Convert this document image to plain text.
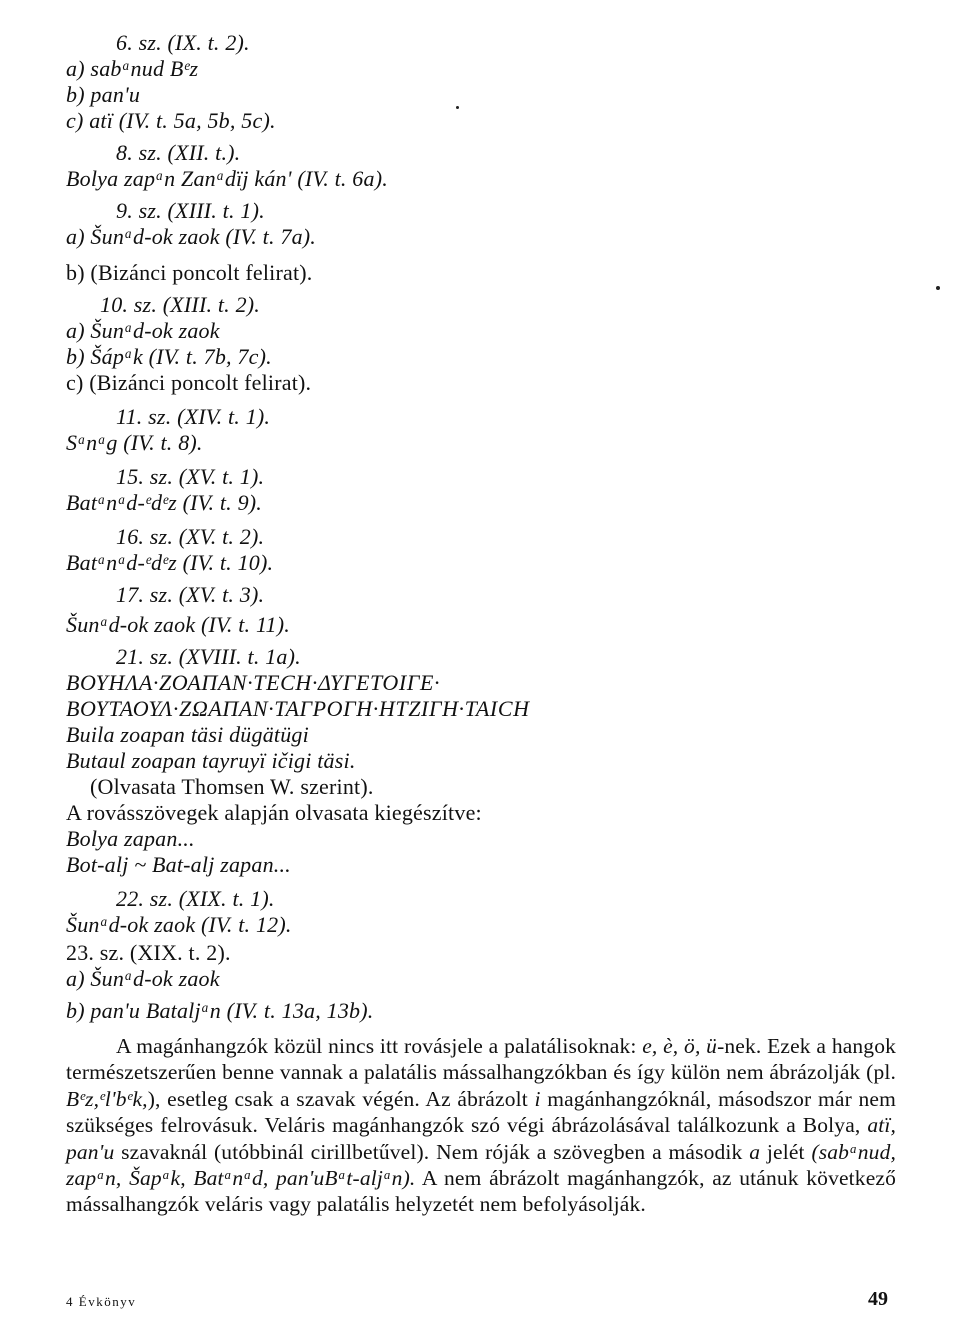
6. sz. (IX. t. 2).
a) sabᵃnud Bᵉz
b) pan'u
c) atï (IV. t. 5a, 5b, 5c).
8. sz. (XII. t.).
Bolya zapᵃn Zanᵃdïj kán' (IV. t. 6a).
9. sz. (XIII. t. 1).
a) Šunᵃd-ok zaok (IV. t. 7a).
b) (Bizánci poncolt felirat).
10. sz. (XIII. t. 2).
a) Šunᵃd-ok zaok
b) Šápᵃk (IV. t. 7b, 7c).
c) (Bizánci poncolt felirat).
11. sz. (XIV. t. 1).
Sᵃnᵃg (IV. t. 8).
15. sz. (XV. t. 1).
Batᵃnᵃd-ᵉdᵉz (IV. t. 9).
16. sz. (XV. t. 2).
Batᵃnᵃd-ᵉdᵉz (IV. t. 10).
17. sz. (XV. t. 3).
Šunᵃd-ok zaok (IV. t. 11).
21. sz. (XVIII. t. 1a).
ΒΟΥΗΛΑ·ΖΟΑΠΑΝ·ΤΕϹΗ·ΔΥΓΕΤΟΙΓΕ·
ΒΟΥΤΑΟΥΛ·ΖΩΑΠΑΝ·ΤΑΓΡΟΓΗ·ΗΤΖΙΓΗ·ΤΑΙϹΗ
Buila zoapan täsi dügätügi
Butaul zoapan tayruyï ičigi täsi.
(Olvasata Thomsen W. szerint).
A rovásszövegek alapján olvasata kiegészítve:
Bolya zapan...
Bot-alj ~ Bat-alj zapan...
22. sz. (XIX. t. 1).
Šunᵃd-ok zaok (IV. t. 12).
23. sz. (XIX. t. 2).
a) Šunᵃd-ok zaok
b) pan'u Bataljᵃn (IV. t. 13a, 13b).
A magánhangzók közül nincs itt rovásjele a palatálisoknak: e, è, ö, ü-nek. Ezek a hangok természetszerűen benne vannak a palatális mássalhangzókban és így külön nem ábrázolják (pl. Bᵉz,ᵉl'bᵉk,), esetleg csak a szavak végén. Az ábrázolt i magánhangzóknál, másodszor már nem szükséges felrovásuk. Veláris magánhangzók szó végi ábrázolásával találkozunk a Bolya, atï, pan'u szavaknál (utóbbinál cirillbetűvel). Nem róják a szövegben a második a jelét (sabᵃnud, zapᵃn, Šapᵃk, Batᵃnᵃd, pan'uBᵃt-aljᵃn). A nem ábrázolt magánhangzók, az utánuk következő mássalhangzók veláris vagy palatális helyzetét nem befolyásolják.
4 Évkönyv	49
